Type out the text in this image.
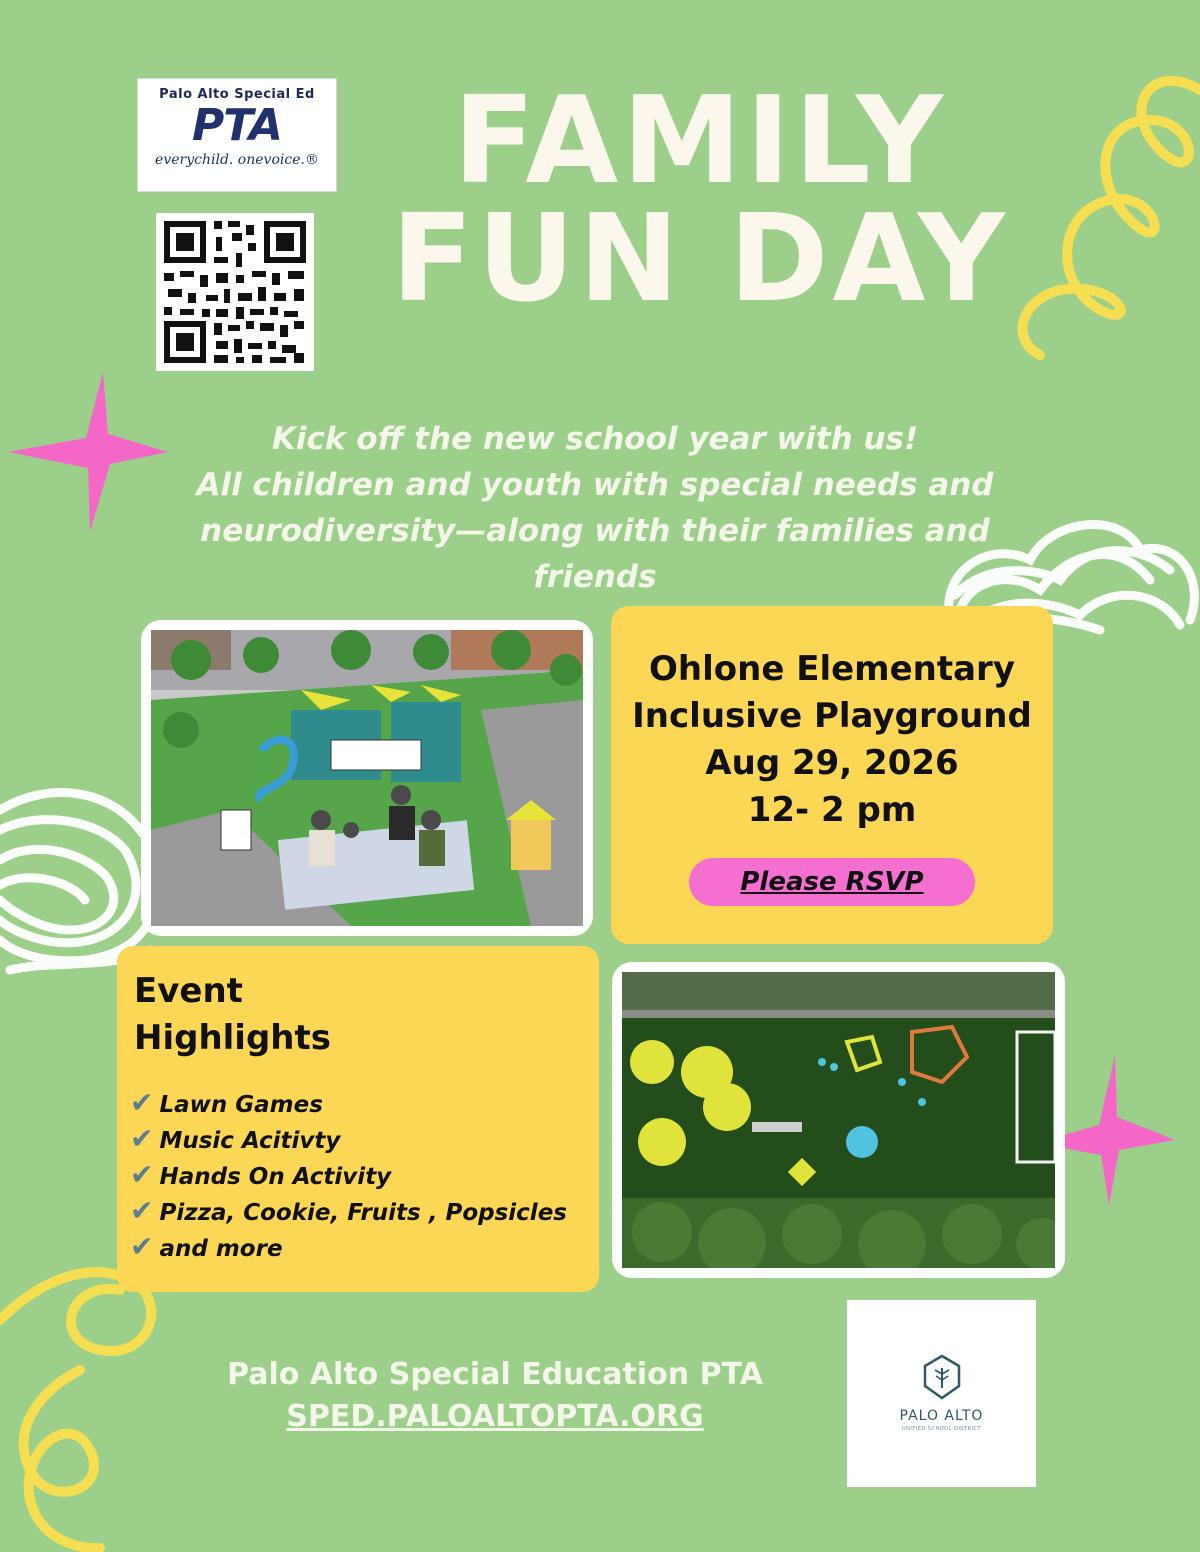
Palo Alto Special Ed
PTA
everychild. onevoice.®	FAMILY
FUN DAY
Kick off the new school year with us!
All children and youth with special needs and
neurodiversity—along with their families and
friends
Ohlone Elementary
Inclusive Playground
Aug 29, 2026
12- 2 pm
Please RSVP
Event
Highlights
✔ Lawn Games
✔ Music Acitivty
✔ Hands On Activity
✔ Pizza, Cookie, Fruits , Popsicles
✔ and more
Palo Alto Special Education PTA
SPED.PALOALTOPTA.ORG	PALO ALTO
UNIFIED SCHOOL DISTRICT
